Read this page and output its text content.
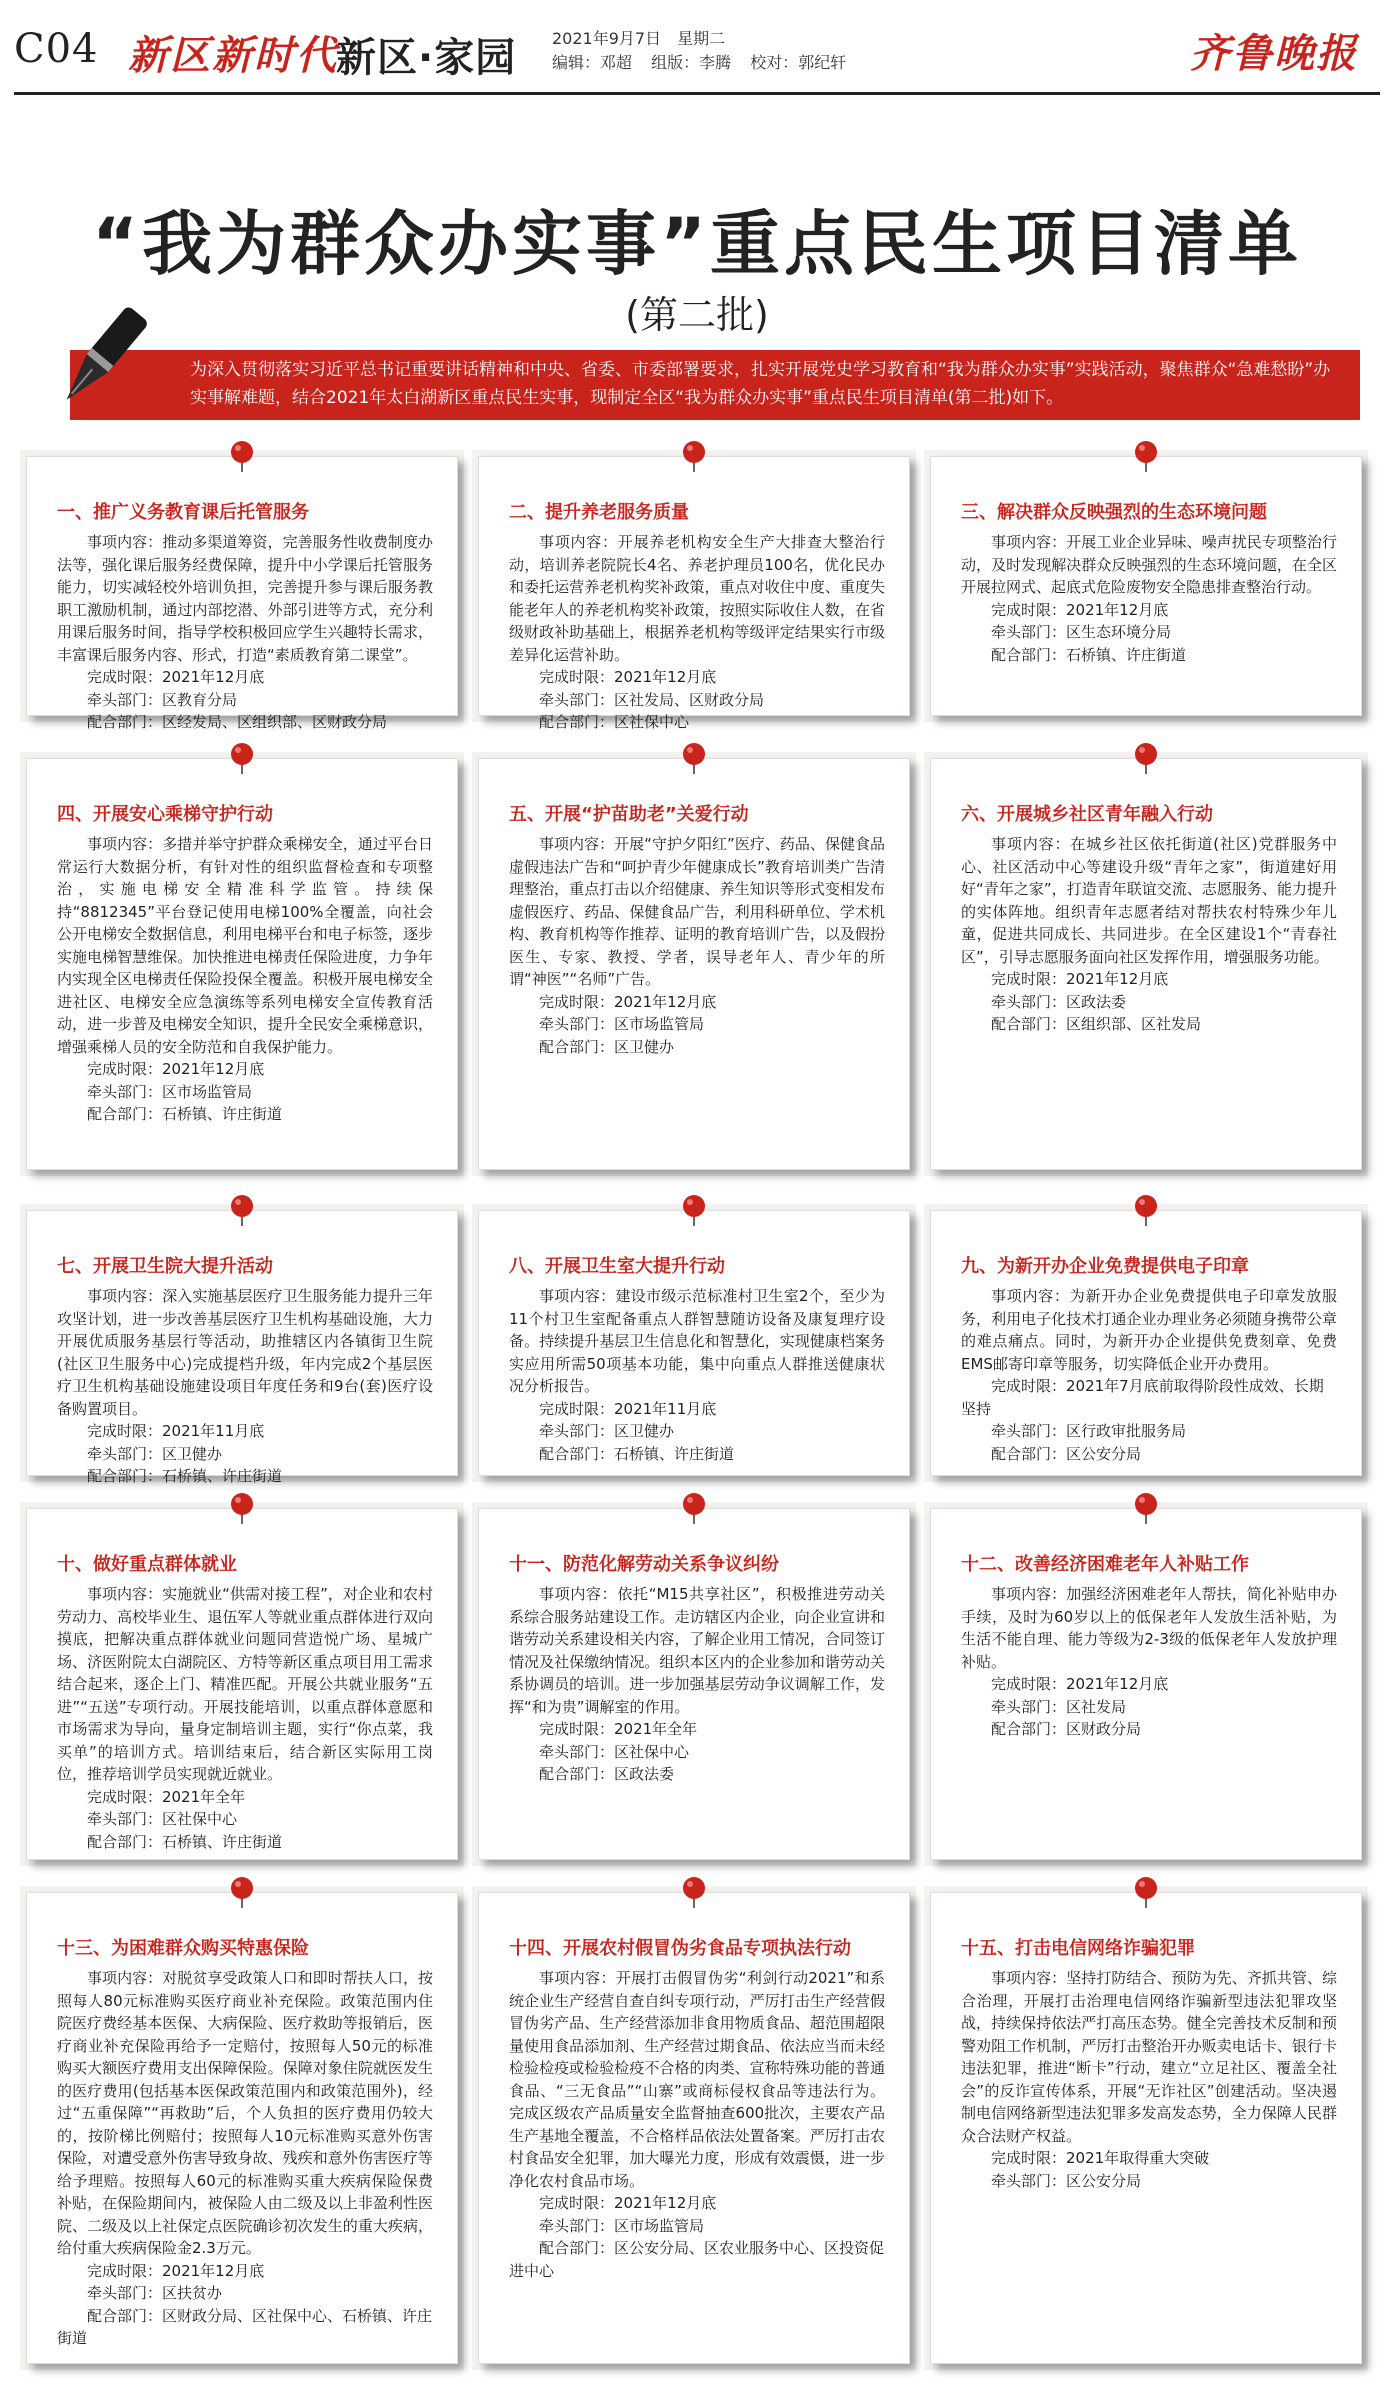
C04 新区新时代
新区·家园 2021年9月7日　星期二
编辑：邓超 组版：李腾 校对：郭纪轩	齐鲁晚报
“我为群众办实事”重点民生项目清单
(第二批)
为深入贯彻落实习近平总书记重要讲话精神和中央、省委、市委部署要求，扎实开展党史学习教育和“我为群众办实事”实践活动，聚焦群众“急难愁盼”办实事解难题，结合2021年太白湖新区重点民生实事，现制定全区“我为群众办实事”重点民生项目清单(第二批)如下。
一、推广义务教育课后托管服务

事项内容：推动多渠道筹资，完善服务性收费制度办法等，强化课后服务经费保障，提升中小学课后托管服务能力，切实减轻校外培训负担，完善提升参与课后服务教职工激励机制，通过内部挖潜、外部引进等方式，充分利用课后服务时间，指导学校积极回应学生兴趣特长需求，丰富课后服务内容、形式，打造“素质教育第二课堂”。

完成时限：2021年12月底

牵头部门：区教育分局

配合部门：区经发局、区组织部、区财政分局

二、提升养老服务质量

事项内容：开展养老机构安全生产大排查大整治行动，培训养老院院长4名、养老护理员100名，优化民办和委托运营养老机构奖补政策，重点对收住中度、重度失能老年人的养老机构奖补政策，按照实际收住人数，在省级财政补助基础上，根据养老机构等级评定结果实行市级差异化运营补助。

完成时限：2021年12月底

牵头部门：区社发局、区财政分局

配合部门：区社保中心

三、解决群众反映强烈的生态环境问题

事项内容：开展工业企业异味、噪声扰民专项整治行动，及时发现解决群众反映强烈的生态环境问题，在全区开展拉网式、起底式危险废物安全隐患排查整治行动。

完成时限：2021年12月底

牵头部门：区生态环境分局

配合部门：石桥镇、许庄街道

四、开展安心乘梯守护行动

事项内容：多措并举守护群众乘梯安全，通过平台日常运行大数据分析，有针对性的组织监督检查和专项整治，实施电梯安全精准科学监管。持续保持“8812345”平台登记使用电梯100%全覆盖，向社会公开电梯安全数据信息，利用电梯平台和电子标签，逐步实施电梯智慧维保。加快推进电梯责任保险进度，力争年内实现全区电梯责任保险投保全覆盖。积极开展电梯安全进社区、电梯安全应急演练等系列电梯安全宣传教育活动，进一步普及电梯安全知识，提升全民安全乘梯意识，增强乘梯人员的安全防范和自我保护能力。

完成时限：2021年12月底

牵头部门：区市场监管局

配合部门：石桥镇、许庄街道

五、开展“护苗助老”关爱行动

事项内容：开展“守护夕阳红”医疗、药品、保健食品虚假违法广告和“呵护青少年健康成长”教育培训类广告清理整治，重点打击以介绍健康、养生知识等形式变相发布虚假医疗、药品、保健食品广告，利用科研单位、学术机构、教育机构等作推荐、证明的教育培训广告，以及假扮医生、专家、教授、学者，误导老年人、青少年的所谓“神医”“名师”广告。

完成时限：2021年12月底

牵头部门：区市场监管局

配合部门：区卫健办

六、开展城乡社区青年融入行动

事项内容：在城乡社区依托街道(社区)党群服务中心、社区活动中心等建设升级“青年之家”，街道建好用好“青年之家”，打造青年联谊交流、志愿服务、能力提升的实体阵地。组织青年志愿者结对帮扶农村特殊少年儿童，促进共同成长、共同进步。在全区建设1个“青春社区”，引导志愿服务面向社区发挥作用，增强服务功能。

完成时限：2021年12月底

牵头部门：区政法委

配合部门：区组织部、区社发局

七、开展卫生院大提升活动

事项内容：深入实施基层医疗卫生服务能力提升三年攻坚计划，进一步改善基层医疗卫生机构基础设施，大力开展优质服务基层行等活动，助推辖区内各镇街卫生院(社区卫生服务中心)完成提档升级，年内完成2个基层医疗卫生机构基础设施建设项目年度任务和9台(套)医疗设备购置项目。

完成时限：2021年11月底

牵头部门：区卫健办

配合部门：石桥镇、许庄街道

八、开展卫生室大提升行动

事项内容：建设市级示范标准村卫生室2个，至少为11个村卫生室配备重点人群智慧随访设备及康复理疗设备。持续提升基层卫生信息化和智慧化，实现健康档案务实应用所需50项基本功能，集中向重点人群推送健康状况分析报告。

完成时限：2021年11月底

牵头部门：区卫健办

配合部门：石桥镇、许庄街道

九、为新开办企业免费提供电子印章

事项内容：为新开办企业免费提供电子印章发放服务，利用电子化技术打通企业办理业务必须随身携带公章的难点痛点。同时，为新开办企业提供免费刻章、免费EMS邮寄印章等服务，切实降低企业开办费用。

完成时限：2021年7月底前取得阶段性成效、长期坚持

牵头部门：区行政审批服务局

配合部门：区公安分局

十、做好重点群体就业

事项内容：实施就业“供需对接工程”，对企业和农村劳动力、高校毕业生、退伍军人等就业重点群体进行双向摸底，把解决重点群体就业问题同营造悦广场、星城广场、济医附院太白湖院区、方特等新区重点项目用工需求结合起来，逐企上门、精准匹配。开展公共就业服务“五进”“五送”专项行动。开展技能培训，以重点群体意愿和市场需求为导向，量身定制培训主题，实行“你点菜，我买单”的培训方式。培训结束后，结合新区实际用工岗位，推荐培训学员实现就近就业。

完成时限：2021年全年

牵头部门：区社保中心

配合部门：石桥镇、许庄街道

十一、防范化解劳动关系争议纠纷

事项内容：依托“M15共享社区”，积极推进劳动关系综合服务站建设工作。走访辖区内企业，向企业宣讲和谐劳动关系建设相关内容，了解企业用工情况，合同签订情况及社保缴纳情况。组织本区内的企业参加和谐劳动关系协调员的培训。进一步加强基层劳动争议调解工作，发挥“和为贵”调解室的作用。

完成时限：2021年全年

牵头部门：区社保中心

配合部门：区政法委

十二、改善经济困难老年人补贴工作

事项内容：加强经济困难老年人帮扶，简化补贴申办手续，及时为60岁以上的低保老年人发放生活补贴，为生活不能自理、能力等级为2-3级的低保老年人发放护理补贴。

完成时限：2021年12月底

牵头部门：区社发局

配合部门：区财政分局

十三、为困难群众购买特惠保险

事项内容：对脱贫享受政策人口和即时帮扶人口，按照每人80元标准购买医疗商业补充保险。政策范围内住院医疗费经基本医保、大病保险、医疗救助等报销后，医疗商业补充保险再给予一定赔付，按照每人50元的标准购买大额医疗费用支出保障保险。保障对象住院就医发生的医疗费用(包括基本医保政策范围内和政策范围外)，经过“五重保障”“再救助”后，个人负担的医疗费用仍较大的，按阶梯比例赔付；按照每人10元标准购买意外伤害保险，对遭受意外伤害导致身故、残疾和意外伤害医疗等给予理赔。按照每人60元的标准购买重大疾病保险保费补贴，在保险期间内，被保险人由二级及以上非盈利性医院、二级及以上社保定点医院确诊初次发生的重大疾病，给付重大疾病保险金2.3万元。

完成时限：2021年12月底

牵头部门：区扶贫办

配合部门：区财政分局、区社保中心、石桥镇、许庄街道

十四、开展农村假冒伪劣食品专项执法行动

事项内容：开展打击假冒伪劣“利剑行动2021”和系统企业生产经营自查自纠专项行动，严厉打击生产经营假冒伪劣产品、生产经营添加非食用物质食品、超范围超限量使用食品添加剂、生产经营过期食品、依法应当而未经检验检疫或检验检疫不合格的肉类、宣称特殊功能的普通食品、“三无食品”“山寨”或商标侵权食品等违法行为。完成区级农产品质量安全监督抽查600批次，主要农产品生产基地全覆盖，不合格样品依法处置备案。严厉打击农村食品安全犯罪，加大曝光力度，形成有效震慑，进一步净化农村食品市场。

完成时限：2021年12月底

牵头部门：区市场监管局

配合部门：区公安分局、区农业服务中心、区投资促进中心

十五、打击电信网络诈骗犯罪

事项内容：坚持打防结合、预防为先、齐抓共管、综合治理，开展打击治理电信网络诈骗新型违法犯罪攻坚战，持续保持依法严打高压态势。健全完善技术反制和预警劝阻工作机制，严厉打击整治开办贩卖电话卡、银行卡违法犯罪，推进“断卡”行动，建立“立足社区、覆盖全社会”的反诈宣传体系，开展“无诈社区”创建活动。坚决遏制电信网络新型违法犯罪多发高发态势，全力保障人民群众合法财产权益。

完成时限：2021年取得重大突破

牵头部门：区公安分局
